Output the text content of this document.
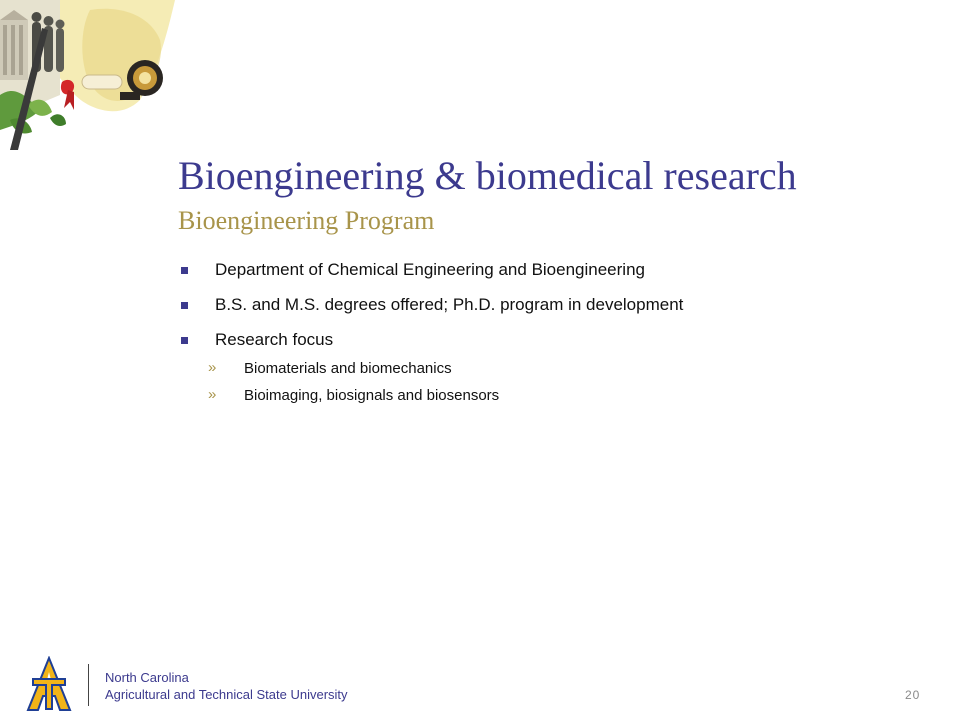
Bioengineering & biomedical research
Bioengineering Program
Department of Chemical Engineering and Bioengineering
B.S. and M.S. degrees offered; Ph.D. program in development
Research focus
» Biomaterials and biomechanics
» Bioimaging, biosignals and biosensors
North Carolina
Agricultural and Technical State University	20
